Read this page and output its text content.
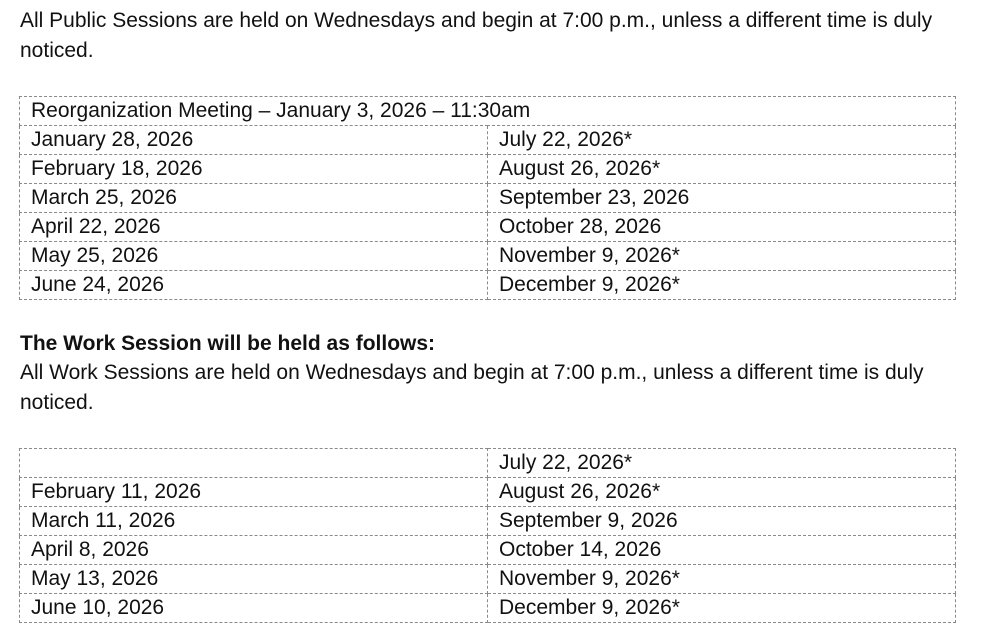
All Public Sessions are held on Wednesdays and begin at 7:00 p.m., unless a different time is duly noticed.

Reorganization Meeting – January 3, 2026 – 11:30am	
January 28, 2026	July 22, 2026*
February 18, 2026	August 26, 2026*
March 25, 2026	September 23, 2026
April 22, 2026	October 28, 2026
May 25, 2026	November 9, 2026*
June 24, 2026	December 9, 2026*

The Work Session will be held as follows:

All Work Sessions are held on Wednesdays and begin at 7:00 p.m., unless a different time is duly noticed.

	July 22, 2026*
February 11, 2026	August 26, 2026*
March 11, 2026	September 9, 2026
April 8, 2026	October 14, 2026
May 13, 2026	November 9, 2026*
June 10, 2026	December 9, 2026*
